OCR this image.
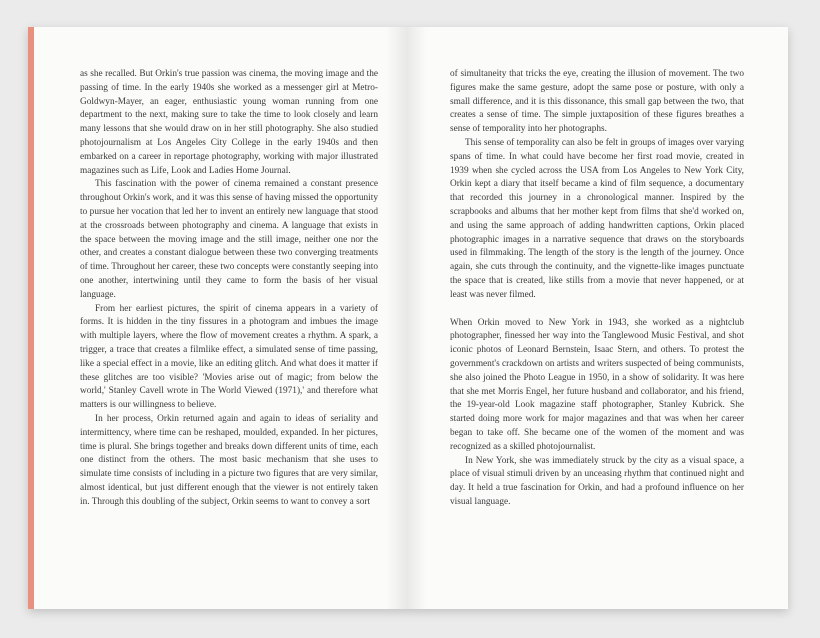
as she recalled. But Orkin's true passion was cinema, the moving image and the passing of time. In the early 1940s she worked as a messenger girl at Metro-Goldwyn-Mayer, an eager, enthusiastic young woman running from one department to the next, making sure to take the time to look closely and learn many lessons that she would draw on in her still photography. She also studied photojournalism at Los Angeles City College in the early 1940s and then embarked on a career in reportage photography, working with major illustrated magazines such as Life, Look and Ladies Home Journal.

This fascination with the power of cinema remained a constant presence throughout Orkin's work, and it was this sense of having missed the opportunity to pursue her vocation that led her to invent an entirely new language that stood at the crossroads between photography and cinema. A language that exists in the space between the moving image and the still image, neither one nor the other, and creates a constant dialogue between these two converging treatments of time. Throughout her career, these two concepts were constantly seeping into one another, intertwining until they came to form the basis of her visual language.

From her earliest pictures, the spirit of cinema appears in a variety of forms. It is hidden in the tiny fissures in a photogram and imbues the image with multiple layers, where the flow of movement creates a rhythm. A spark, a trigger, a trace that creates a filmlike effect, a simulated sense of time passing, like a special effect in a movie, like an editing glitch. And what does it matter if these glitches are too visible? 'Movies arise out of magic; from below the world,' Stanley Cavell wrote in The World Viewed (1971),' and therefore what matters is our willingness to believe.

In her process, Orkin returned again and again to ideas of seriality and intermittency, where time can be reshaped, moulded, expanded. In her pictures, time is plural. She brings together and breaks down different units of time, each one distinct from the others. The most basic mechanism that she uses to simulate time consists of including in a picture two figures that are very similar, almost identical, but just different enough that the viewer is not entirely taken in. Through this doubling of the subject, Orkin seems to want to convey a sort

of simultaneity that tricks the eye, creating the illusion of movement. The two figures make the same gesture, adopt the same pose or posture, with only a small difference, and it is this dissonance, this small gap between the two, that creates a sense of time. The simple juxtaposition of these figures breathes a sense of temporality into her photographs.

This sense of temporality can also be felt in groups of images over varying spans of time. In what could have become her first road movie, created in 1939 when she cycled across the USA from Los Angeles to New York City, Orkin kept a diary that itself became a kind of film sequence, a documentary that recorded this journey in a chronological manner. Inspired by the scrapbooks and albums that her mother kept from films that she'd worked on, and using the same approach of adding handwritten captions, Orkin placed photographic images in a narrative sequence that draws on the storyboards used in filmmaking. The length of the story is the length of the journey. Once again, she cuts through the continuity, and the vignette-like images punctuate the space that is created, like stills from a movie that never happened, or at least was never filmed.

When Orkin moved to New York in 1943, she worked as a nightclub photographer, finessed her way into the Tanglewood Music Festival, and shot iconic photos of Leonard Bernstein, Isaac Stern, and others. To protest the government's crackdown on artists and writers suspected of being communists, she also joined the Photo League in 1950, in a show of solidarity. It was here that she met Morris Engel, her future husband and collaborator, and his friend, the 19-year-old Look magazine staff photographer, Stanley Kubrick. She started doing more work for major magazines and that was when her career began to take off. She became one of the women of the moment and was recognized as a skilled photojournalist.

In New York, she was immediately struck by the city as a visual space, a place of visual stimuli driven by an unceasing rhythm that continued night and day. It held a true fascination for Orkin, and had a profound influence on her visual language.
